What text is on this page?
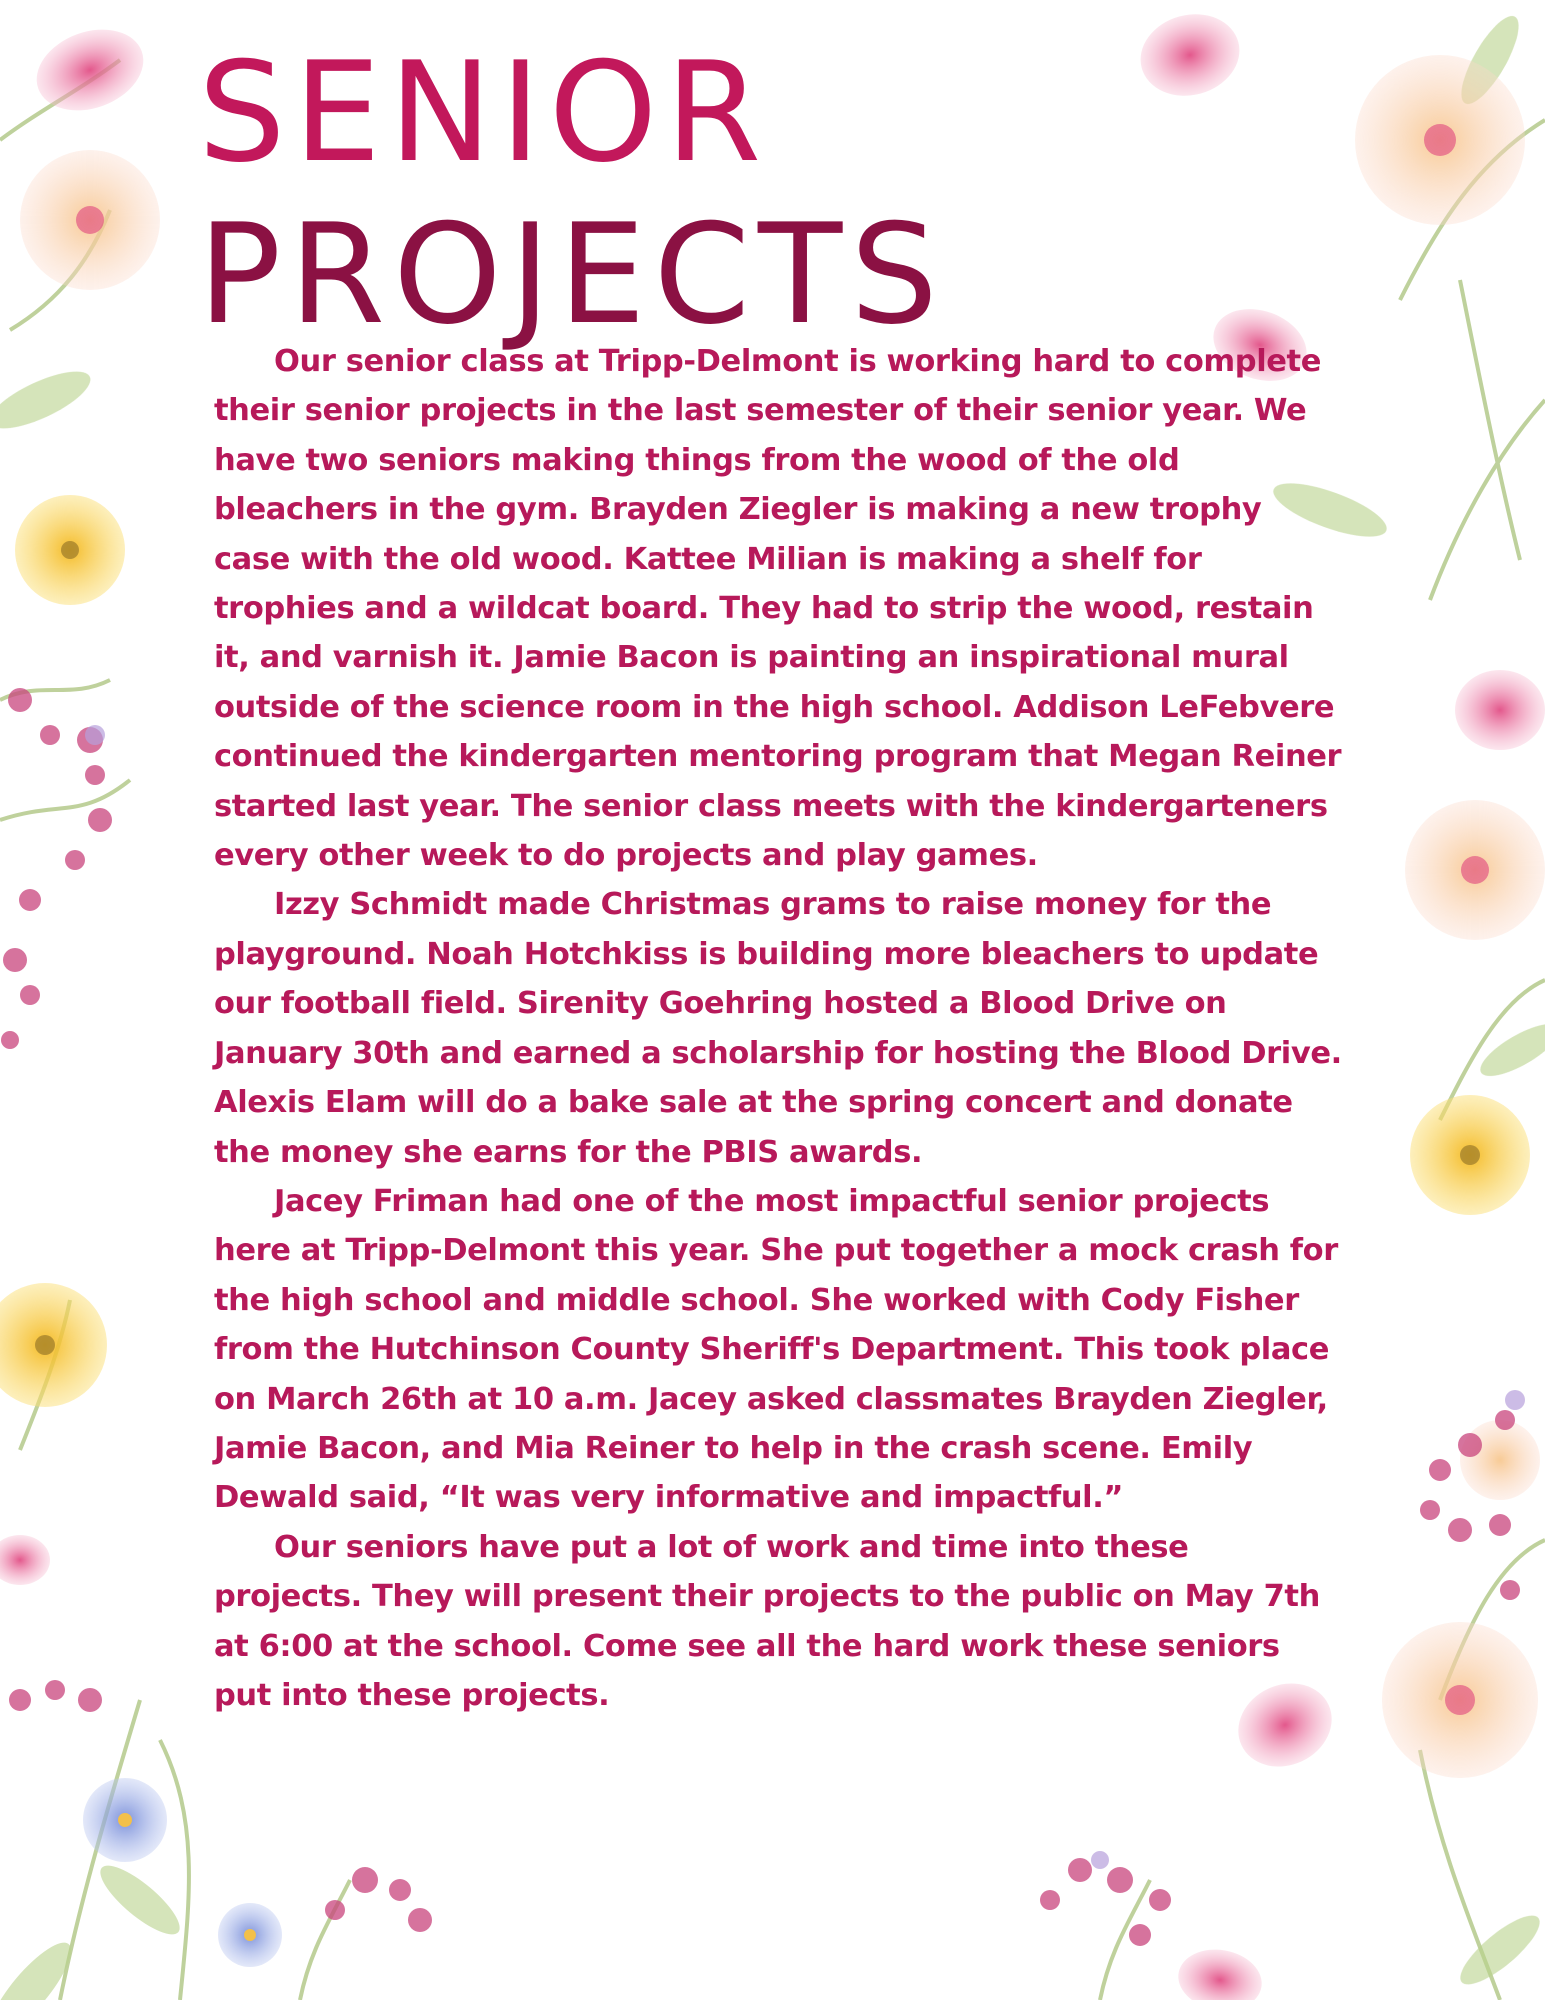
SENIOR
PROJECTS

Our senior class at Tripp-Delmont is working hard to complete their senior projects in the last semester of their senior year. We have two seniors making things from the wood of the old bleachers in the gym. Brayden Ziegler is making a new trophy case with the old wood. Kattee Milian is making a shelf for trophies and a wildcat board. They had to strip the wood, restain it, and varnish it. Jamie Bacon is painting an inspirational mural outside of the science room in the high school. Addison LeFebvere continued the kindergarten mentoring program that Megan Reiner started last year. The senior class meets with the kindergarteners every other week to do projects and play games.

Izzy Schmidt made Christmas grams to raise money for the playground. Noah Hotchkiss is building more bleachers to update our football field. Sirenity Goehring hosted a Blood Drive on January 30th and earned a scholarship for hosting the Blood Drive. Alexis Elam will do a bake sale at the spring concert and donate the money she earns for the PBIS awards.

Jacey Friman had one of the most impactful senior projects here at Tripp-Delmont this year. She put together a mock crash for the high school and middle school. She worked with Cody Fisher from the Hutchinson County Sheriff's Department. This took place on March 26th at 10 a.m. Jacey asked classmates Brayden Ziegler, Jamie Bacon, and Mia Reiner to help in the crash scene. Emily Dewald said, “It was very informative and impactful.”

Our seniors have put a lot of work and time into these projects. They will present their projects to the public on May 7th at 6:00 at the school. Come see all the hard work these seniors put into these projects.
